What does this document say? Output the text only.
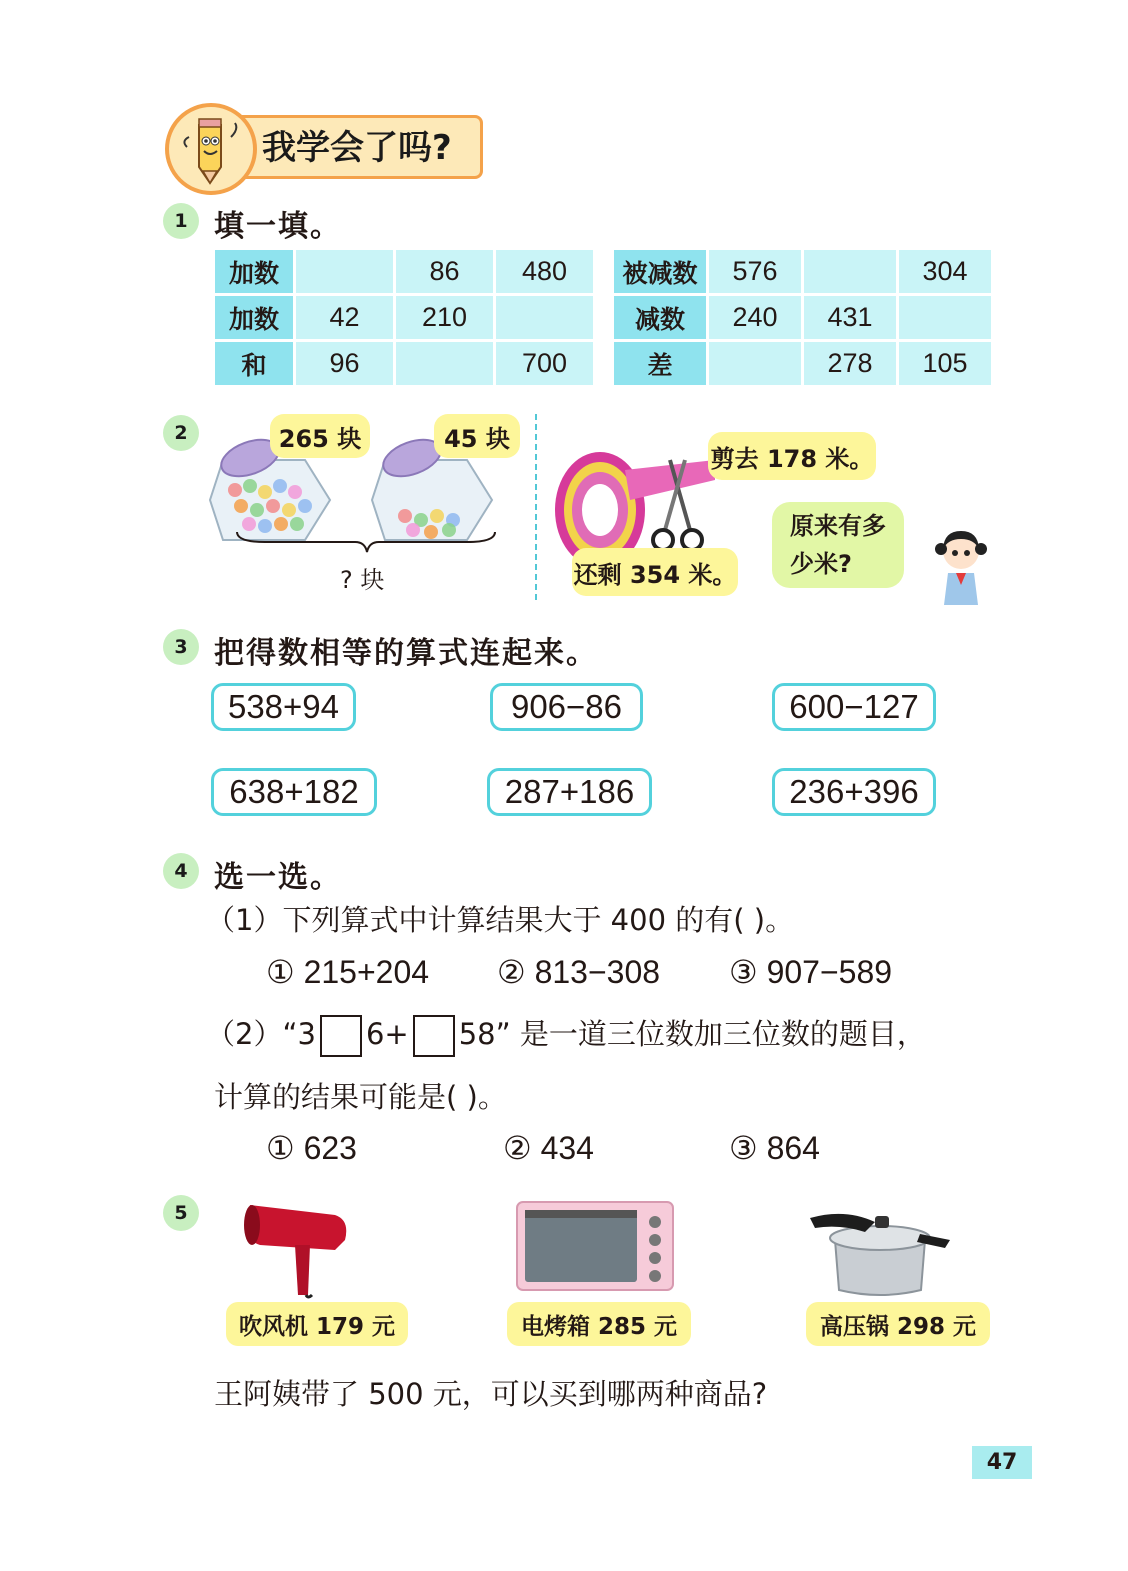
我学会了吗?
1 填一填。
加数		86	480
加数	42	210	
和	96		700
被减数	576		304
减数	240	431	
差		278	105
2	265 块	45 块
? 块
剪去 178 米。
还剩 354 米。
原来有多
少米?
3 把得数相等的算式连起来。
538+94	906−86	600−127
638+182	287+186	236+396
4 选一选。
（1）下列算式中计算结果大于 400 的有( )。
① 215+204 ② 813−308 ③ 907−589
（2）“3 6+ 58” 是一道三位数加三位数的题目，
计算的结果可能是( )。
① 623	② 434	③ 864
5
吹风机 179 元	电烤箱 285 元	高压锅 298 元
王阿姨带了 500 元，可以买到哪两种商品?
47
